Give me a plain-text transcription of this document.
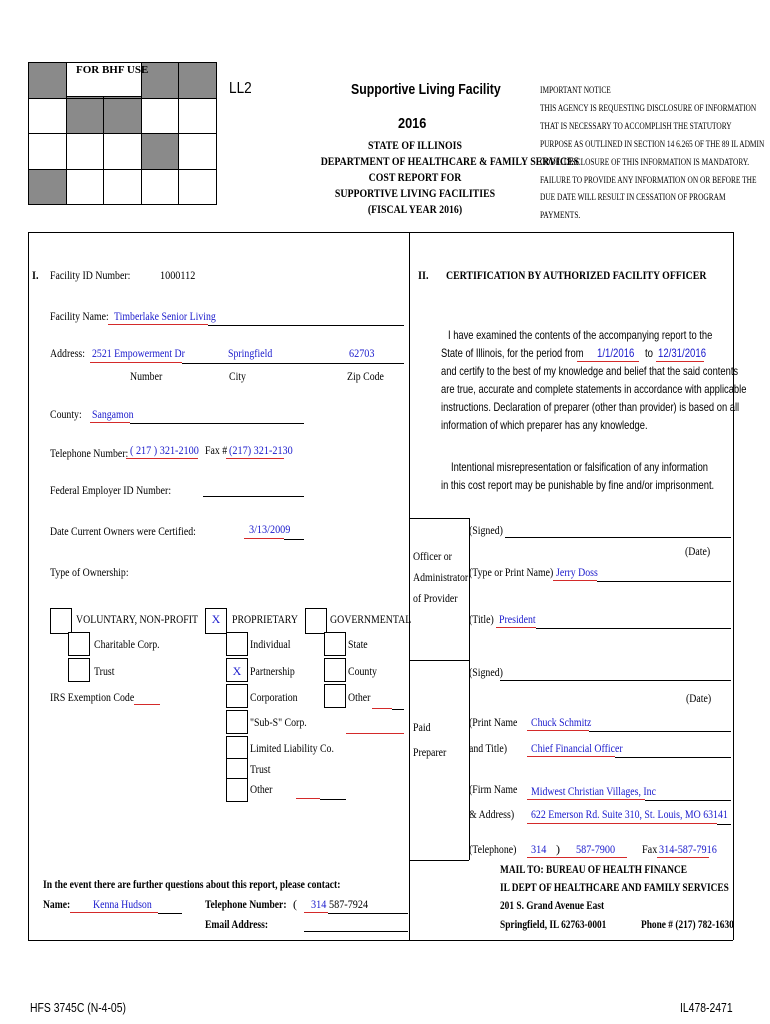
FOR BHF USE
LL2	Supportive Living Facility
2016
STATE OF ILLINOIS
DEPARTMENT OF HEALTHCARE & FAMILY SERVICES
COST REPORT FOR
SUPPORTIVE LIVING FACILITIES
(FISCAL YEAR 2016)
IMPORTANT NOTICE
THIS AGENCY IS REQUESTING DISCLOSURE OF INFORMATION
THAT IS NECESSARY TO ACCOMPLISH THE STATUTORY
PURPOSE AS OUTLINED IN SECTION 14 6.265 OF THE 89 IL ADMIN
CODE. DISCLOSURE OF THIS INFORMATION IS MANDATORY.
FAILURE TO PROVIDE ANY INFORMATION ON OR BEFORE THE
DUE DATE WILL RESULT IN CESSATION OF PROGRAM
PAYMENTS.
I. Facility ID Number: 1000112
Facility Name: Timberlake Senior Living
Address: 2521 Empowerment Dr	Springfield	62703
Number	City	Zip Code
County: Sangamon
Telephone Number: ( 217 ) 321-2100 Fax # (217) 321-2130
Federal Employer ID Number:
Date Current Owners were Certified:	3/13/2009
Type of Ownership:
VOLUNTARY, NON-PROFIT
Charitable Corp.
Trust
IRS Exemption Code
X PROPRIETARY
Individual
X Partnership
Corporation
"Sub-S" Corp.
Limited Liability Co.
Trust
Other
GOVERNMENTAL
State
County
Other
II. CERTIFICATION BY AUTHORIZED FACILITY OFFICER
I have examined the contents of the accompanying report to the
State of Illinois, for the period from 1/1/2016 to 12/31/2016
and certify to the best of my knowledge and belief that the said contents
are true, accurate and complete statements in accordance with applicable
instructions. Declaration of preparer (other than provider) is based on all
information of which preparer has any knowledge.
Intentional misrepresentation or falsification of any information
in this cost report may be punishable by fine and/or imprisonment.
Officer or
Administrator
of Provider
(Signed)
(Date)
(Type or Print Name) Jerry Doss
(Title) President
Paid
Preparer
(Signed)
(Date)
(Print Name Chuck Schmitz
and Title) Chief Financial Officer
(Firm Name Midwest Christian Villages, Inc
& Address) 622 Emerson Rd. Suite 310, St. Louis, MO 63141
(Telephone) 314 ) 587-7900 Fax 314-587-7916
MAIL TO: BUREAU OF HEALTH FINANCE
IL DEPT OF HEALTHCARE AND FAMILY SERVICES
201 S. Grand Avenue East
Springfield, IL 62763-0001	Phone # (217) 782-1630
In the event there are further questions about this report, please contact:
Name: Kenna Hudson	Telephone Number: ( 314 587-7924
Email Address:
HFS 3745C (N-4-05)	IL478-2471
